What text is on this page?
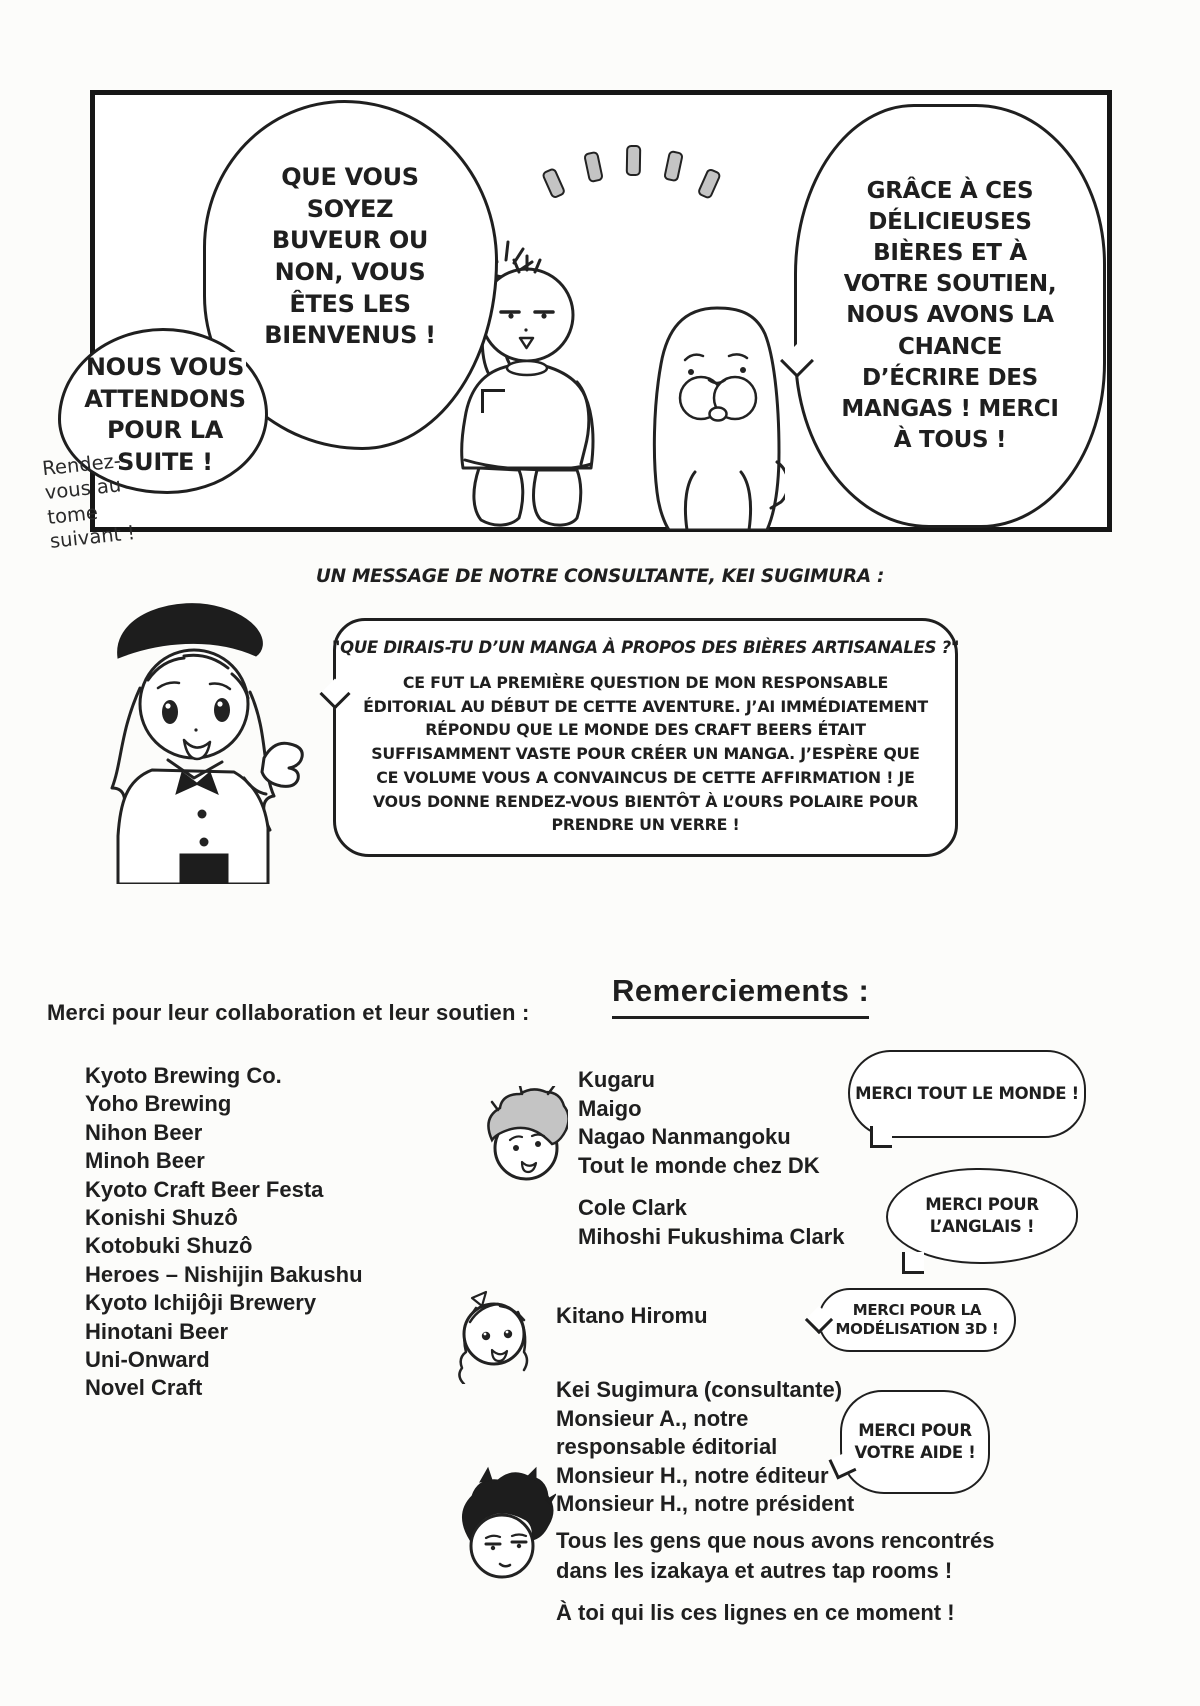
QUE VOUS SOYEZ BUVEUR OU NON, VOUS ÊTES LES BIENVENUS !
NOUS VOUS ATTENDONS POUR LA SUITE !
GRÂCE À CES DÉLICIEUSES BIÈRES ET À VOTRE SOUTIEN, NOUS AVONS LA CHANCE D’ÉCRIRE DES MANGAS ! MERCI À TOUS !
Rendez-vous au tome suivant !
UN MESSAGE DE NOTRE CONSULTANTE, KEI SUGIMURA :
"QUE DIRAIS-TU D’UN MANGA À PROPOS DES BIÈRES ARTISANALES ?"
CE FUT LA PREMIÈRE QUESTION DE MON RESPONSABLE ÉDITORIAL AU DÉBUT DE CETTE AVENTURE. J’AI IMMÉDIATEMENT RÉPONDU QUE LE MONDE DES CRAFT BEERS ÉTAIT SUFFISAMMENT VASTE POUR CRÉER UN MANGA. J’ESPÈRE QUE CE VOLUME VOUS A CONVAINCUS DE CETTE AFFIRMATION ! JE VOUS DONNE RENDEZ-VOUS BIENTÔT À L’OURS POLAIRE POUR PRENDRE UN VERRE !
Merci pour leur collaboration et leur soutien :
Kyoto Brewing Co.
Yoho Brewing
Nihon Beer
Minoh Beer
Kyoto Craft Beer Festa
Konishi Shuzô
Kotobuki Shuzô
Heroes – Nishijin Bakushu
Kyoto Ichijôji Brewery
Hinotani Beer
Uni-Onward
Novel Craft
Remerciements :
Kugaru
Maigo
Nagao Nanmangoku
Tout le monde chez DK
MERCI TOUT LE MONDE !
Cole Clark
Mihoshi Fukushima Clark
MERCI POUR L’ANGLAIS !
Kitano Hiromu	MERCI POUR LA MODÉLISATION 3D !
Kei Sugimura (consultante)
Monsieur A., notre responsable éditorial
Monsieur H., notre éditeur
Monsieur H., notre président
MERCI POUR VOTRE AIDE !
Tous les gens que nous avons rencontrés dans les izakaya et autres tap rooms !
À toi qui lis ces lignes en ce moment !
